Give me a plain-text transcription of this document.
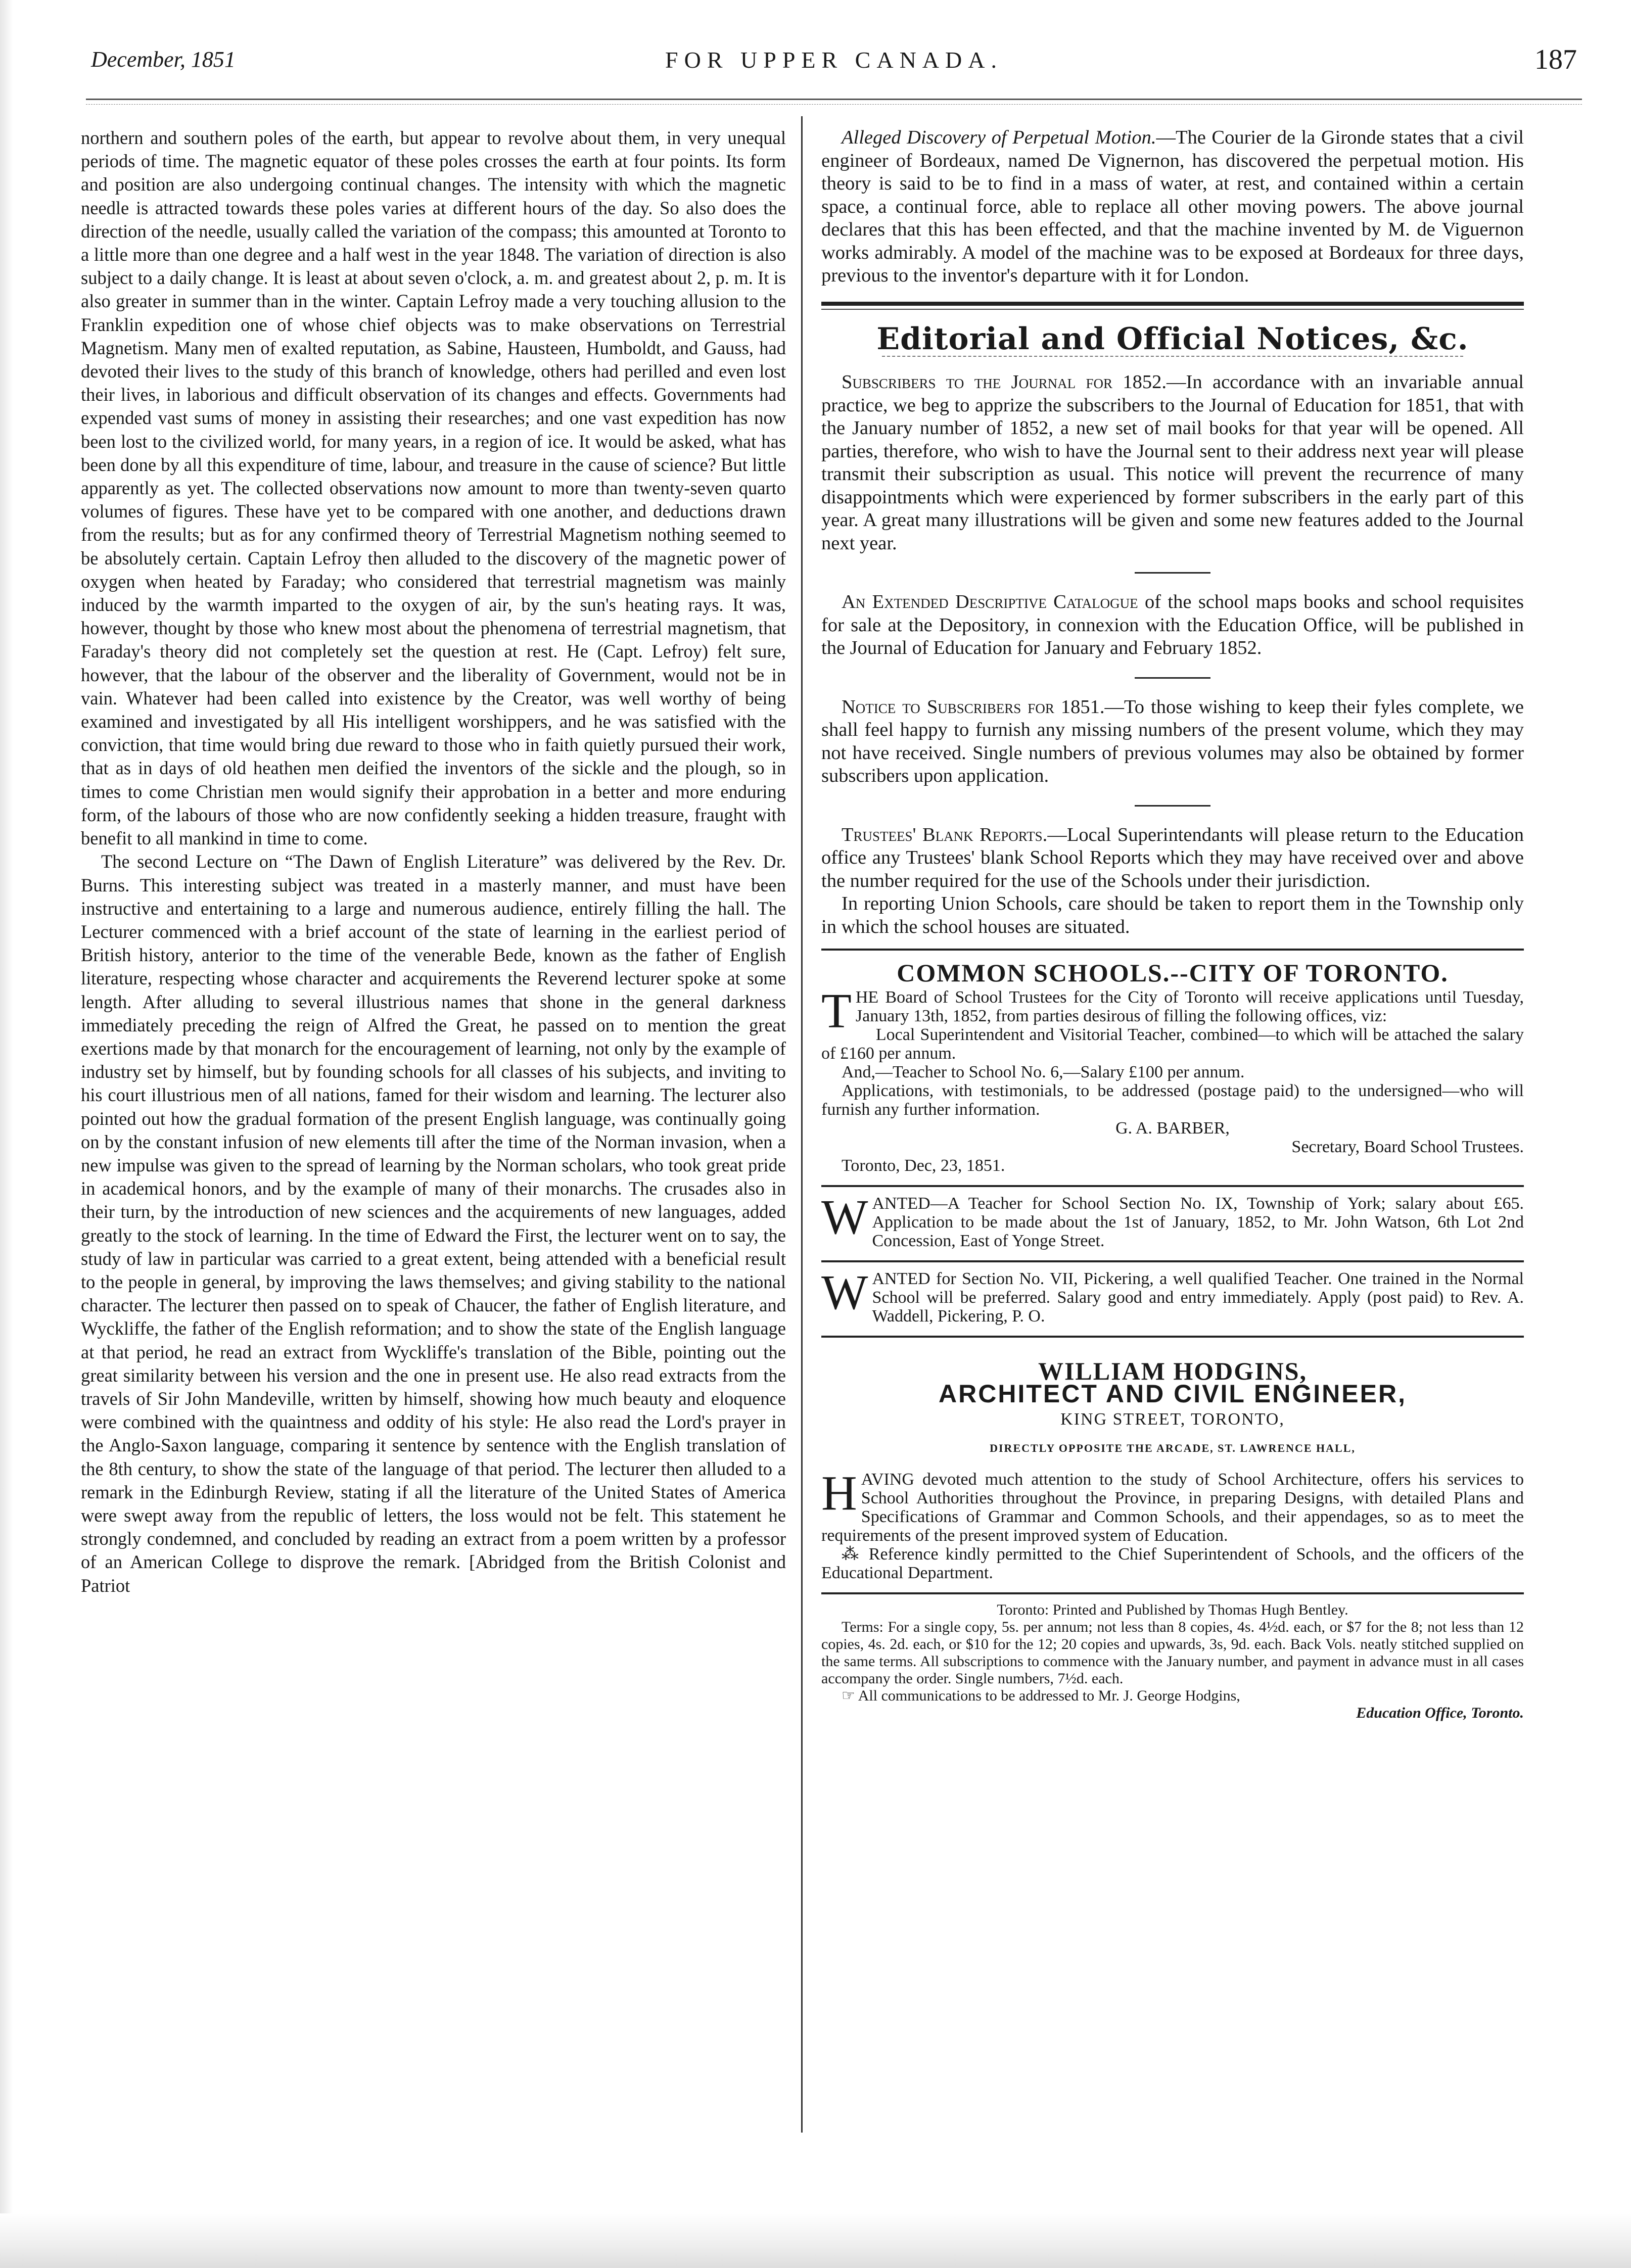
December, 1851	FOR UPPER CANADA.	187

northern and southern poles of the earth, but appear to revolve about them, in very unequal periods of time. The magnetic equator of these poles crosses the earth at four points. Its form and position are also undergoing continual changes. The intensity with which the magnetic needle is attracted towards these poles varies at different hours of the day. So also does the direction of the needle, usually called the variation of the compass; this amounted at Toronto to a little more than one degree and a half west in the year 1848. The variation of direction is also subject to a daily change. It is least at about seven o'clock, a. m. and greatest about 2, p. m. It is also greater in summer than in the winter. Captain Lefroy made a very touching allusion to the Franklin expedition one of whose chief objects was to make observations on Terrestrial Magnetism. Many men of exalted reputation, as Sabine, Hausteen, Humboldt, and Gauss, had devoted their lives to the study of this branch of knowledge, others had perilled and even lost their lives, in laborious and difficult observation of its changes and effects. Governments had expended vast sums of money in assisting their researches; and one vast expedition has now been lost to the civilized world, for many years, in a region of ice. It would be asked, what has been done by all this expenditure of time, labour, and treasure in the cause of science? But little apparently as yet. The collected observations now amount to more than twenty-seven quarto volumes of figures. These have yet to be compared with one another, and deductions drawn from the results; but as for any confirmed theory of Terrestrial Magnetism nothing seemed to be absolutely certain. Captain Lefroy then alluded to the discovery of the magnetic power of oxygen when heated by Faraday; who considered that terrestrial magnetism was mainly induced by the warmth imparted to the oxygen of air, by the sun's heating rays. It was, however, thought by those who knew most about the phenomena of terrestrial magnetism, that Faraday's theory did not completely set the question at rest. He (Capt. Lefroy) felt sure, however, that the labour of the observer and the liberality of Government, would not be in vain. Whatever had been called into existence by the Creator, was well worthy of being examined and investigated by all His intelligent worshippers, and he was satisfied with the conviction, that time would bring due reward to those who in faith quietly pursued their work, that as in days of old heathen men deified the inventors of the sickle and the plough, so in times to come Christian men would signify their approbation in a better and more enduring form, of the labours of those who are now confidently seeking a hidden treasure, fraught with benefit to all mankind in time to come.

The second Lecture on “The Dawn of English Literature” was delivered by the Rev. Dr. Burns. This interesting subject was treated in a masterly manner, and must have been instructive and entertaining to a large and numerous audience, entirely filling the hall. The Lecturer commenced with a brief account of the state of learning in the earliest period of British history, anterior to the time of the venerable Bede, known as the father of English literature, respecting whose character and acquirements the Reverend lecturer spoke at some length. After alluding to several illustrious names that shone in the general darkness immediately preceding the reign of Alfred the Great, he passed on to mention the great exertions made by that monarch for the encouragement of learning, not only by the example of industry set by himself, but by founding schools for all classes of his subjects, and inviting to his court illustrious men of all nations, famed for their wisdom and learning. The lecturer also pointed out how the gradual formation of the present English language, was continually going on by the constant infusion of new elements till after the time of the Norman invasion, when a new impulse was given to the spread of learning by the Norman scholars, who took great pride in academical honors, and by the example of many of their monarchs. The crusades also in their turn, by the introduction of new sciences and the acquirements of new languages, added greatly to the stock of learning. In the time of Edward the First, the lecturer went on to say, the study of law in particular was carried to a great extent, being attended with a beneficial result to the people in general, by improving the laws themselves; and giving stability to the national character. The lecturer then passed on to speak of Chaucer, the father of English literature, and Wyckliffe, the father of the English reformation; and to show the state of the English language at that period, he read an extract from Wyckliffe's translation of the Bible, pointing out the great similarity between his version and the one in present use. He also read extracts from the travels of Sir John Mandeville, written by himself, showing how much beauty and eloquence were combined with the quaintness and oddity of his style: He also read the Lord's prayer in the Anglo-Saxon language, comparing it sentence by sentence with the English translation of the 8th century, to show the state of the language of that period. The lecturer then alluded to a remark in the Edinburgh Review, stating if all the literature of the United States of America were swept away from the republic of letters, the loss would not be felt. This statement he strongly condemned, and concluded by reading an extract from a poem written by a professor of an American College to disprove the remark. [Abridged from the British Colonist and Patriot

Alleged Discovery of Perpetual Motion.—The Courier de la Gironde states that a civil engineer of Bordeaux, named De Vignernon, has discovered the perpetual motion. His theory is said to be to find in a mass of water, at rest, and contained within a certain space, a continual force, able to replace all other moving powers. The above journal declares that this has been effected, and that the machine invented by M. de Viguernon works admirably. A model of the machine was to be exposed at Bordeaux for three days, previous to the inventor's departure with it for London.

Editorial and Official Notices, &c.

Subscribers to the Journal for 1852.—In accordance with an invariable annual practice, we beg to apprize the subscribers to the Journal of Education for 1851, that with the January number of 1852, a new set of mail books for that year will be opened. All parties, therefore, who wish to have the Journal sent to their address next year will please transmit their subscription as usual. This notice will prevent the recurrence of many disappointments which were experienced by former subscribers in the early part of this year. A great many illustrations will be given and some new features added to the Journal next year.

An Extended Descriptive Catalogue of the school maps books and school requisites for sale at the Depository, in connexion with the Education Office, will be published in the Journal of Education for January and February 1852.

Notice to Subscribers for 1851.—To those wishing to keep their fyles complete, we shall feel happy to furnish any missing numbers of the present volume, which they may not have received. Single numbers of previous volumes may also be obtained by former subscribers upon application.

Trustees' Blank Reports.—Local Superintendants will please return to the Education office any Trustees' blank School Reports which they may have received over and above the number required for the use of the Schools under their jurisdiction.

In reporting Union Schools, care should be taken to report them in the Township only in which the school houses are situated.

COMMON SCHOOLS.--CITY OF TORONTO.

THE Board of School Trustees for the City of Toronto will receive applications until Tuesday, January 13th, 1852, from parties desirous of filling the following offices, viz:

Local Superintendent and Visitorial Teacher, combined—to which will be attached the salary of £160 per annum.

And,—Teacher to School No. 6,—Salary £100 per annum.

Applications, with testimonials, to be addressed (postage paid) to the undersigned—who will furnish any further information.

G. A. BARBER,

Secretary, Board School Trustees.

Toronto, Dec, 23, 1851.

WANTED—A Teacher for School Section No. IX, Township of York; salary about £65. Application to be made about the 1st of January, 1852, to Mr. John Watson, 6th Lot 2nd Concession, East of Yonge Street.

WANTED for Section No. VII, Pickering, a well qualified Teacher. One trained in the Normal School will be preferred. Salary good and entry immediately. Apply (post paid) to Rev. A. Waddell, Pickering, P. O.

WILLIAM HODGINS,
ARCHITECT AND CIVIL ENGINEER,
KING STREET, TORONTO,
DIRECTLY OPPOSITE THE ARCADE, ST. LAWRENCE HALL,

HAVING devoted much attention to the study of School Architecture, offers his services to School Authorities throughout the Province, in preparing Designs, with detailed Plans and Specifications of Grammar and Common Schools, and their appendages, so as to meet the requirements of the present improved system of Education.

⁂ Reference kindly permitted to the Chief Superintendent of Schools, and the officers of the Educational Department.

Toronto: Printed and Published by Thomas Hugh Bentley.

Terms: For a single copy, 5s. per annum; not less than 8 copies, 4s. 4½d. each, or $7 for the 8; not less than 12 copies, 4s. 2d. each, or $10 for the 12; 20 copies and upwards, 3s, 9d. each. Back Vols. neatly stitched supplied on the same terms. All subscriptions to commence with the January number, and payment in advance must in all cases accompany the order. Single numbers, 7½d. each.

☞ All communications to be addressed to Mr. J. George Hodgins,

Education Office, Toronto.
